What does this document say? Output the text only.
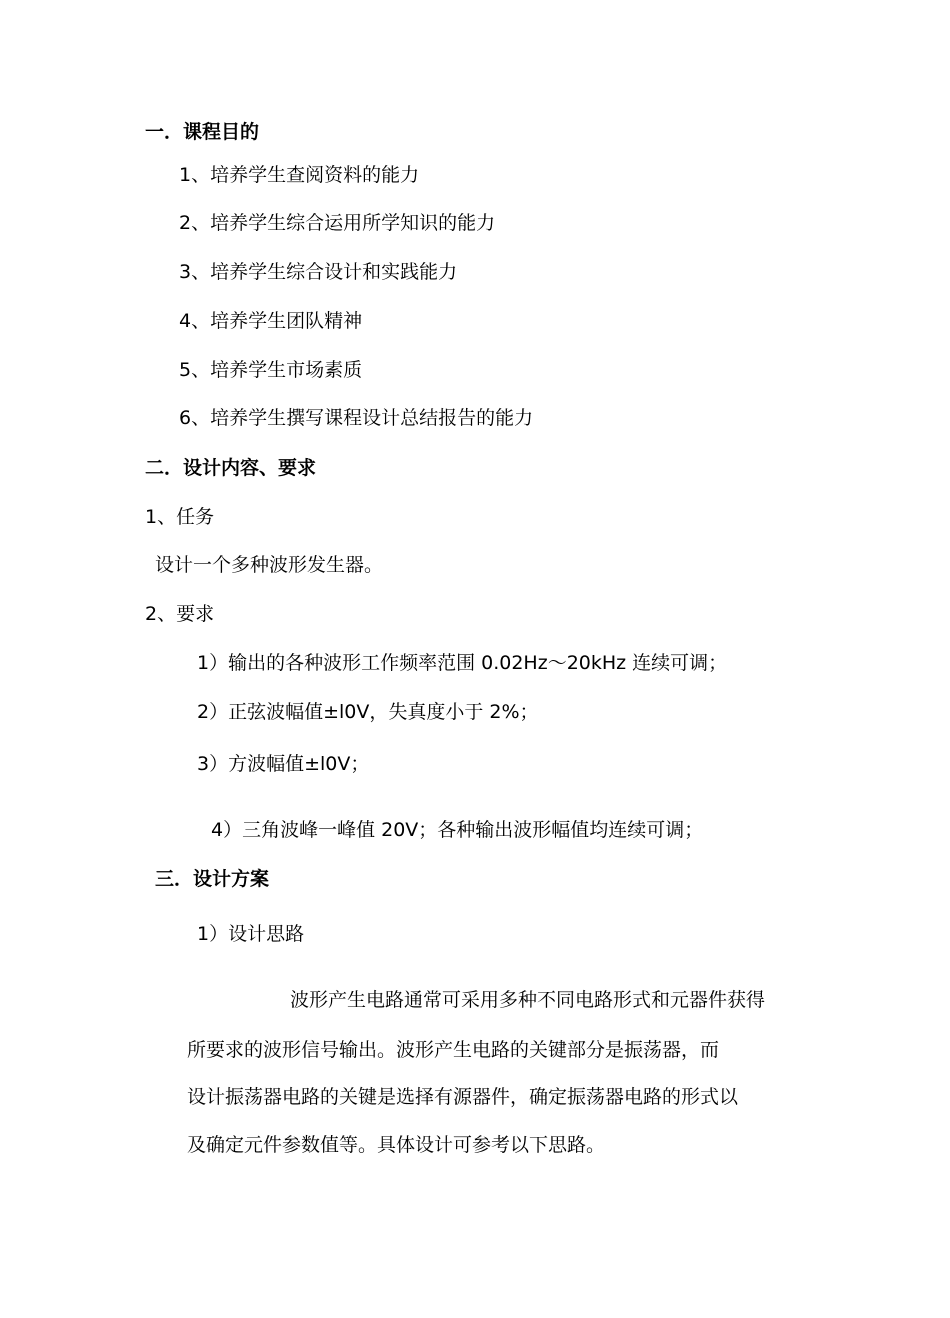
一．课程目的
1、培养学生查阅资料的能力
2、培养学生综合运用所学知识的能力
3、培养学生综合设计和实践能力
4、培养学生团队精神
5、培养学生市场素质
6、培养学生撰写课程设计总结报告的能力
二．设计内容、要求
1、任务
设计一个多种波形发生器。
2、要求
1）输出的各种波形工作频率范围 0.02Hz～20kHz 连续可调；
2）正弦波幅值±l0V，失真度小于 2%；
3）方波幅值±l0V；
4）三角波峰一峰值 20V；各种输出波形幅值均连续可调；
三．设计方案
1）设计思路
波形产生电路通常可采用多种不同电路形式和元器件获得
所要求的波形信号输出。波形产生电路的关键部分是振荡器，而
设计振荡器电路的关键是选择有源器件，确定振荡器电路的形式以
及确定元件参数值等。具体设计可参考以下思路。
